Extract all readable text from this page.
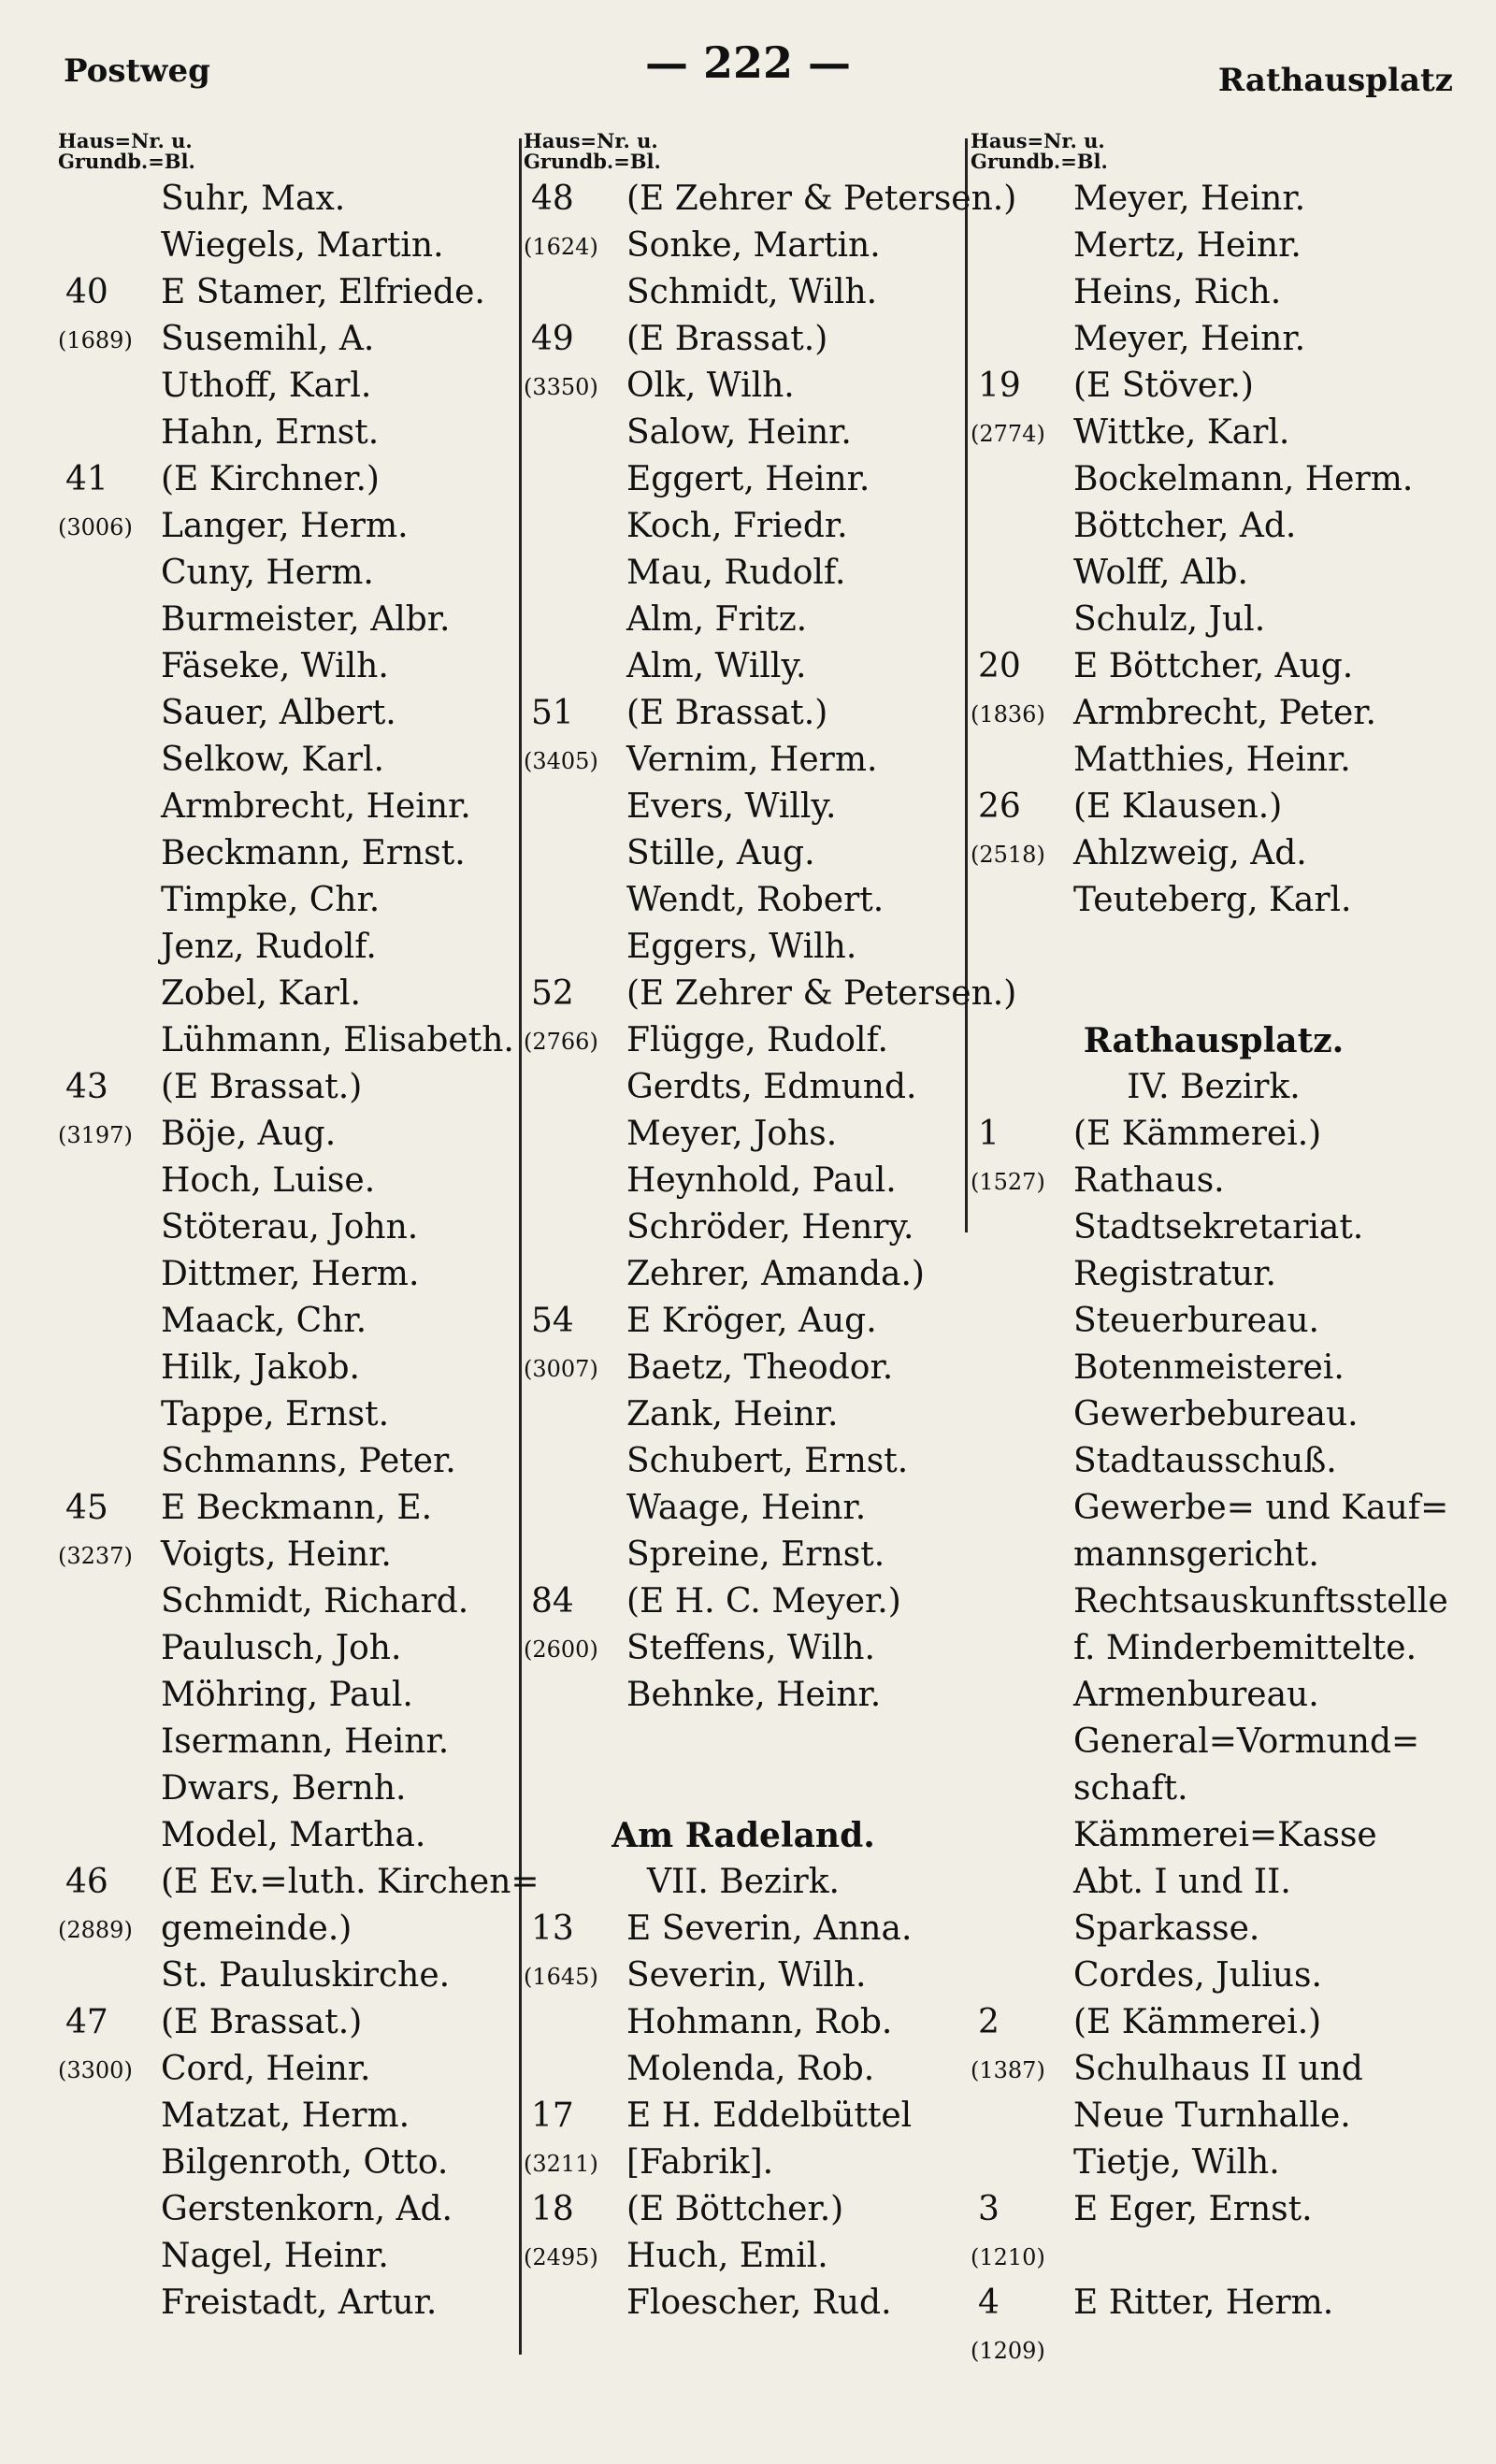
Postweg	— 222 —	Rathausplatz
Haus=Nr. u.
Grundb.=Bl.
Suhr, Max.
Wiegels, Martin.
40 E Stamer, Elfriede.
(1689) Susemihl, A.
Uthoff, Karl.
Hahn, Ernst.
41 (E Kirchner.)
(3006) Langer, Herm.
Cuny, Herm.
Burmeister, Albr.
Fäseke, Wilh.
Sauer, Albert.
Selkow, Karl.
Armbrecht, Heinr.
Beckmann, Ernst.
Timpke, Chr.
Jenz, Rudolf.
Zobel, Karl.
Lühmann, Elisabeth.
43 (E Brassat.)
(3197) Böje, Aug.
Hoch, Luise.
Stöterau, John.
Dittmer, Herm.
Maack, Chr.
Hilk, Jakob.
Tappe, Ernst.
Schmanns, Peter.
45 E Beckmann, E.
(3237) Voigts, Heinr.
Schmidt, Richard.
Paulusch, Joh.
Möhring, Paul.
Isermann, Heinr.
Dwars, Bernh.
Model, Martha.
46 (E Ev.=luth. Kirchen=
(2889) gemeinde.)
St. Pauluskirche.
47 (E Brassat.)
(3300) Cord, Heinr.
Matzat, Herm.
Bilgenroth, Otto.
Gerstenkorn, Ad.
Nagel, Heinr.
Freistadt, Artur.
Haus=Nr. u.
Grundb.=Bl.
48 (E Zehrer & Petersen.)
(1624) Sonke, Martin.
Schmidt, Wilh.
49 (E Brassat.)
(3350) Olk, Wilh.
Salow, Heinr.
Eggert, Heinr.
Koch, Friedr.
Mau, Rudolf.
Alm, Fritz.
Alm, Willy.
51 (E Brassat.)
(3405) Vernim, Herm.
Evers, Willy.
Stille, Aug.
Wendt, Robert.
Eggers, Wilh.
52 (E Zehrer & Petersen.)
(2766) Flügge, Rudolf.
Gerdts, Edmund.
Meyer, Johs.
Heynhold, Paul.
Schröder, Henry.
Zehrer, Amanda.)
54 E Kröger, Aug.
(3007) Baetz, Theodor.
Zank, Heinr.
Schubert, Ernst.
Waage, Heinr.
Spreine, Ernst.
84 (E H. C. Meyer.)
(2600) Steffens, Wilh.
Behnke, Heinr.
Am Radeland.
VII. Bezirk.
13 E Severin, Anna.
(1645) Severin, Wilh.
Hohmann, Rob.
Molenda, Rob.
17 E H. Eddelbüttel
(3211) [Fabrik].
18 (E Böttcher.)
(2495) Huch, Emil.
Floescher, Rud.
Haus=Nr. u.
Grundb.=Bl.
Meyer, Heinr.
Mertz, Heinr.
Heins, Rich.
Meyer, Heinr.
19 (E Stöver.)
(2774) Wittke, Karl.
Bockelmann, Herm.
Böttcher, Ad.
Wolff, Alb.
Schulz, Jul.
20 E Böttcher, Aug.
(1836) Armbrecht, Peter.
Matthies, Heinr.
26 (E Klausen.)
(2518) Ahlzweig, Ad.
Teuteberg, Karl.
Rathausplatz.
IV. Bezirk.
1 (E Kämmerei.)
(1527) Rathaus.
Stadtsekretariat.
Registratur.
Steuerbureau.
Botenmeisterei.
Gewerbebureau.
Stadtausschuß.
Gewerbe= und Kauf=
mannsgericht.
Rechtsauskunftsstelle
f. Minderbemittelte.
Armenbureau.
General=Vormund=
schaft.
Kämmerei=Kasse
Abt. I und II.
Sparkasse.
Cordes, Julius.
2 (E Kämmerei.)
(1387) Schulhaus II und
Neue Turnhalle.
Tietje, Wilh.
3 E Eger, Ernst.
(1210)
4 E Ritter, Herm.
(1209)
